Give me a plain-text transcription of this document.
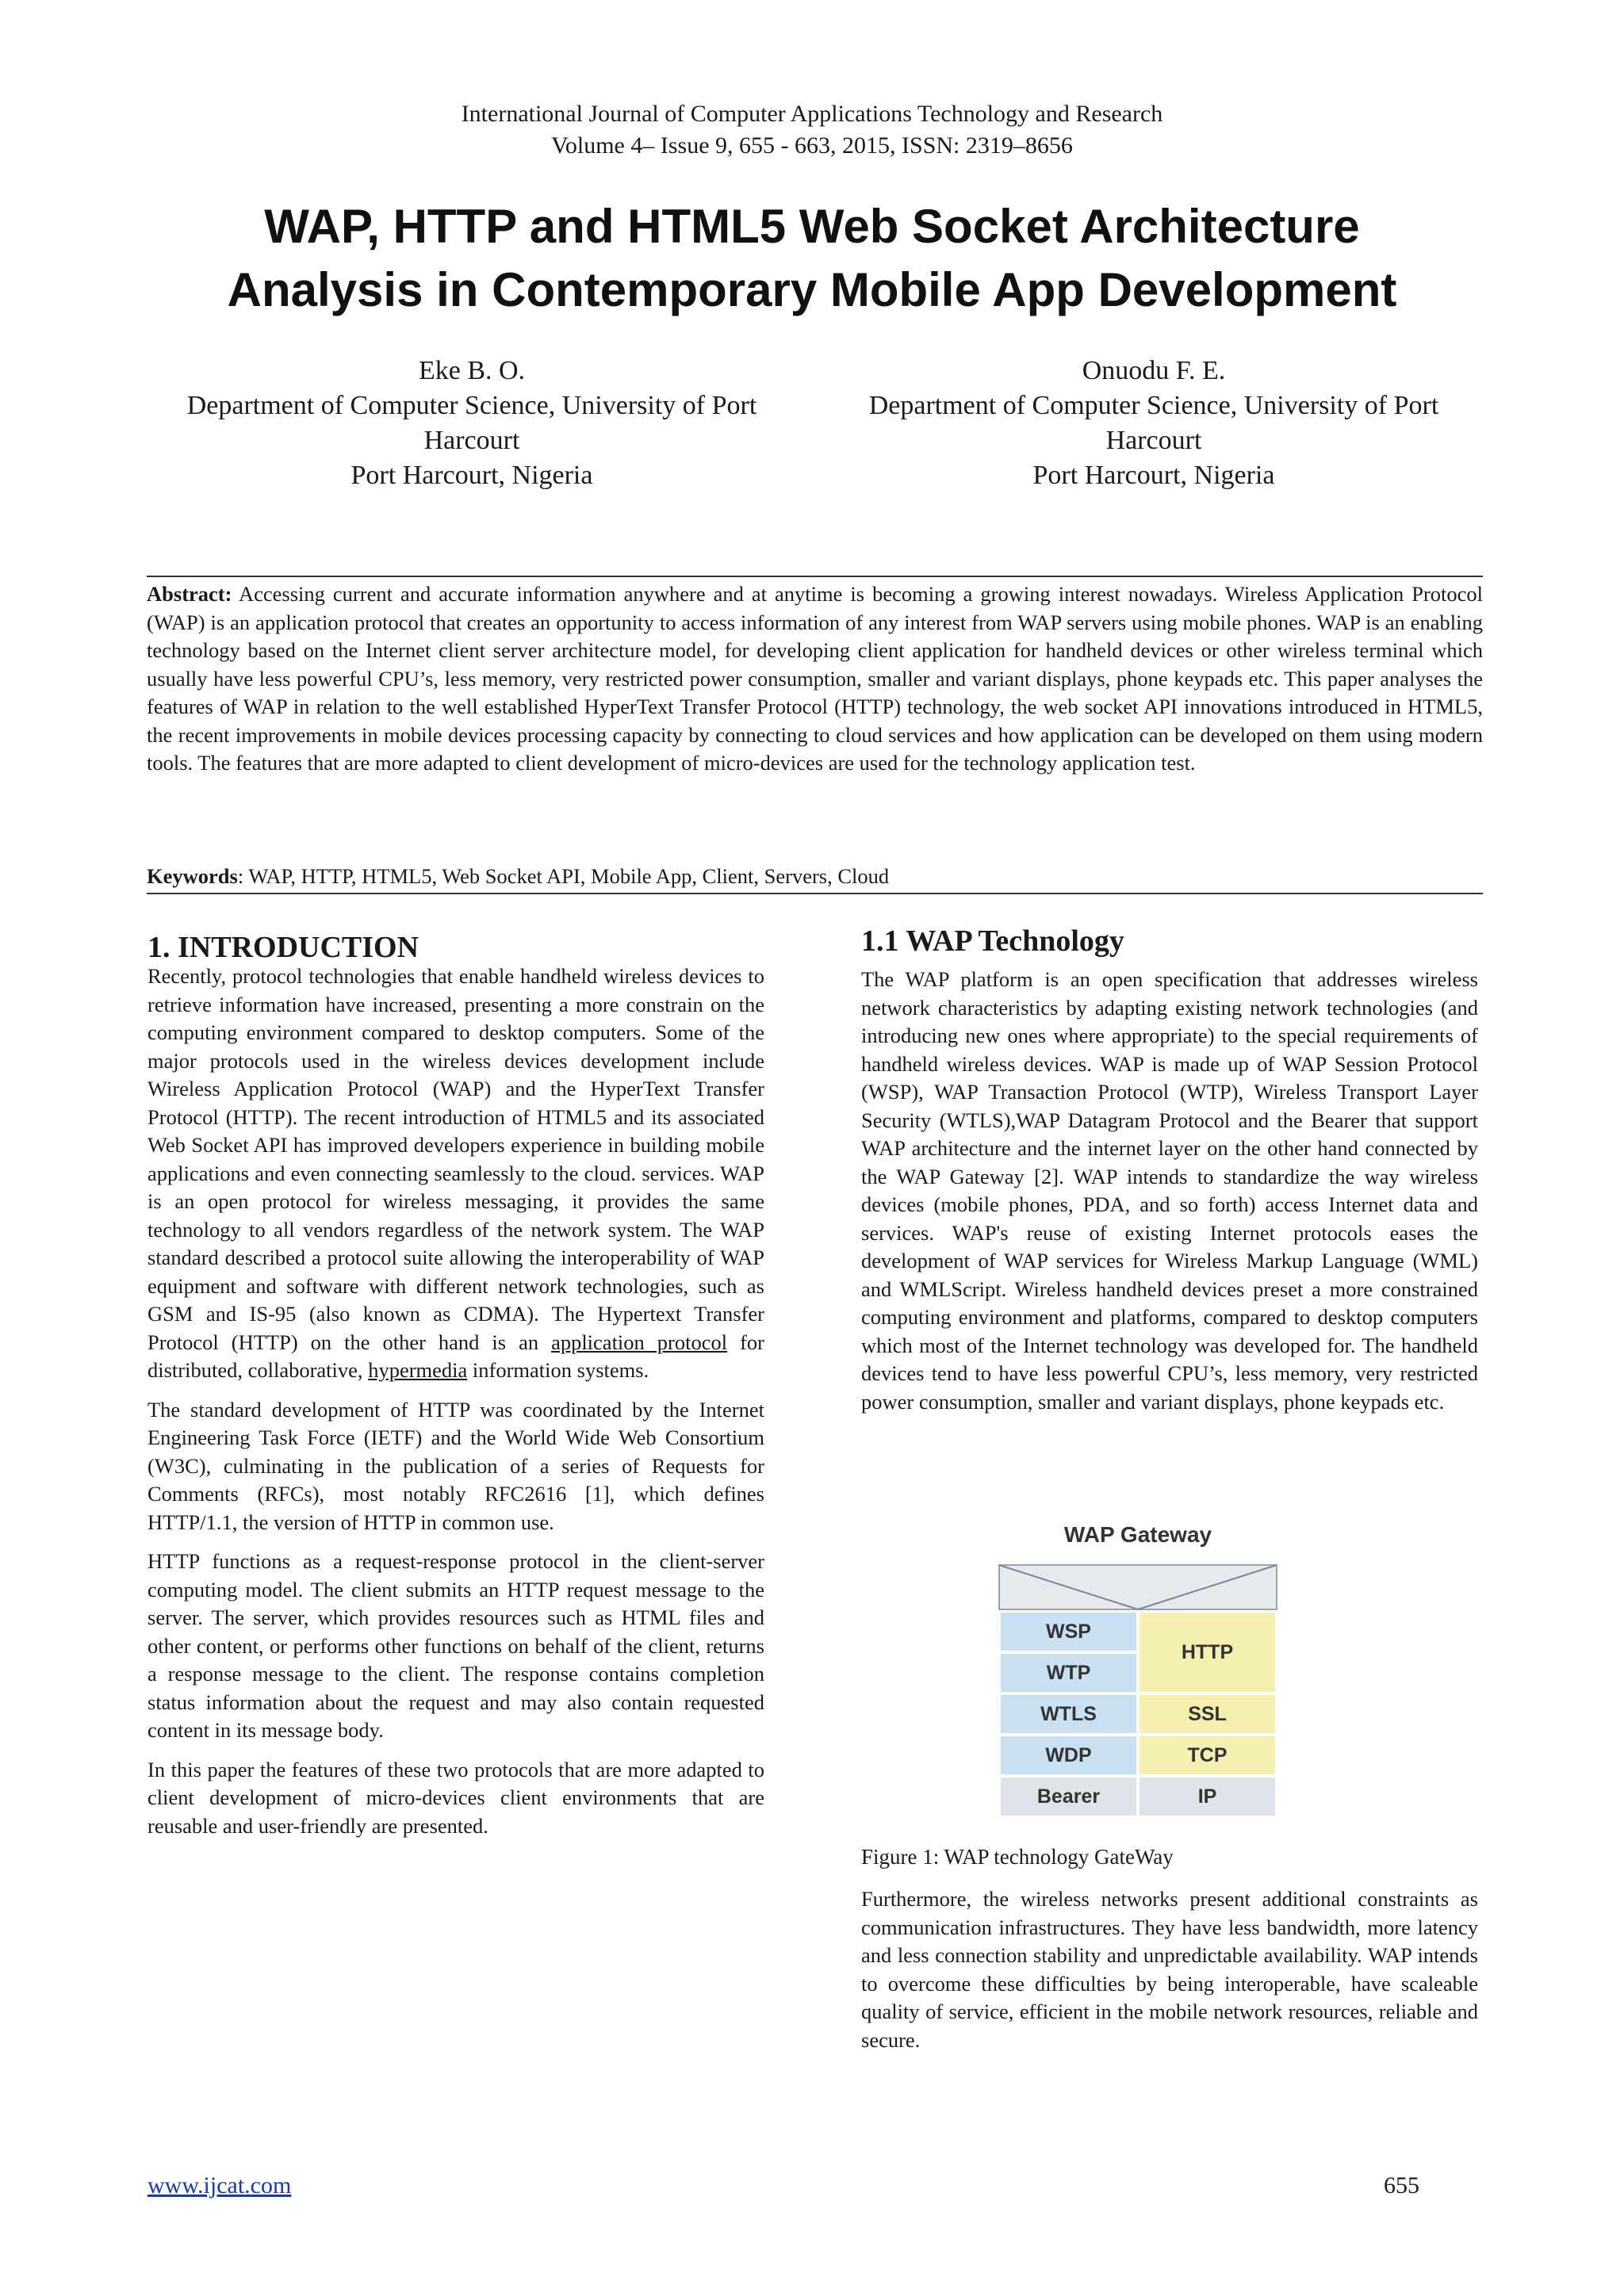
International Journal of Computer Applications Technology and Research
Volume 4– Issue 9, 655 - 663, 2015, ISSN: 2319–8656
WAP, HTTP and HTML5 Web Socket Architecture
Analysis in Contemporary Mobile App Development
Eke B. O.
Department of Computer Science, University of Port
Harcourt
Port Harcourt, Nigeria
Onuodu F. E.
Department of Computer Science, University of Port
Harcourt
Port Harcourt, Nigeria
Abstract: Accessing current and accurate information anywhere and at anytime is becoming a growing interest nowadays. Wireless Application Protocol (WAP) is an application protocol that creates an opportunity to access information of any interest from WAP servers using mobile phones. WAP is an enabling technology based on the Internet client server architecture model, for developing client application for handheld devices or other wireless terminal which usually have less powerful CPU’s, less memory, very restricted power consumption, smaller and variant displays, phone keypads etc. This paper analyses the features of WAP in relation to the well established HyperText Transfer Protocol (HTTP) technology, the web socket API innovations introduced in HTML5, the recent improvements in mobile devices processing capacity by connecting to cloud services and how application can be developed on them using modern tools. The features that are more adapted to client development of micro-devices are used for the technology application test.
Keywords: WAP, HTTP, HTML5, Web Socket API, Mobile App, Client, Servers, Cloud
1. INTRODUCTION

Recently, protocol technologies that enable handheld wireless devices to retrieve information have increased, presenting a more constrain on the computing environment compared to desktop computers. Some of the major protocols used in the wireless devices development include Wireless Application Protocol (WAP) and the HyperText Transfer Protocol (HTTP). The recent introduction of HTML5 and its associated Web Socket API has improved developers experience in building mobile applications and even connecting seamlessly to the cloud. services. WAP is an open protocol for wireless messaging, it provides the same technology to all vendors regardless of the network system. The WAP standard described a protocol suite allowing the interoperability of WAP equipment and software with different network technologies, such as GSM and IS-95 (also known as CDMA). The Hypertext Transfer Protocol (HTTP) on the other hand is an application protocol for distributed, collaborative, hypermedia information systems.

The standard development of HTTP was coordinated by the Internet Engineering Task Force (IETF) and the World Wide Web Consortium (W3C), culminating in the publication of a series of Requests for Comments (RFCs), most notably RFC2616 [1], which defines HTTP/1.1, the version of HTTP in common use.

HTTP functions as a request-response protocol in the client-server computing model. The client submits an HTTP request message to the server. The server, which provides resources such as HTML files and other content, or performs other functions on behalf of the client, returns a response message to the client. The response contains completion status information about the request and may also contain requested content in its message body.

In this paper the features of these two protocols that are more adapted to client development of micro-devices client environments that are reusable and user-friendly are presented.

1.1 WAP Technology

The WAP platform is an open specification that addresses wireless network characteristics by adapting existing network technologies (and introducing new ones where appropriate) to the special requirements of handheld wireless devices. WAP is made up of WAP Session Protocol (WSP), WAP Transaction Protocol (WTP), Wireless Transport Layer Security (WTLS),WAP Datagram Protocol and the Bearer that support WAP architecture and the internet layer on the other hand connected by the WAP Gateway [2]. WAP intends to standardize the way wireless devices (mobile phones, PDA, and so forth) access Internet data and services. WAP's reuse of existing Internet protocols eases the development of WAP services for Wireless Markup Language (WML) and WMLScript. Wireless handheld devices preset a more constrained computing environment and platforms, compared to desktop computers which most of the Internet technology was developed for. The handheld devices tend to have less powerful CPU’s, less memory, very restricted power consumption, smaller and variant displays, phone keypads etc.

WAP Gateway
WSP
WTP
WTLS
WDP
Bearer
HTTP
SSL
TCP
IP
Figure 1: WAP technology GateWay

Furthermore, the wireless networks present additional constraints as communication infrastructures. They have less bandwidth, more latency and less connection stability and unpredictable availability. WAP intends to overcome these difficulties by being interoperable, have scaleable quality of service, efficient in the mobile network resources, reliable and secure.

www.ijcat.com	655
